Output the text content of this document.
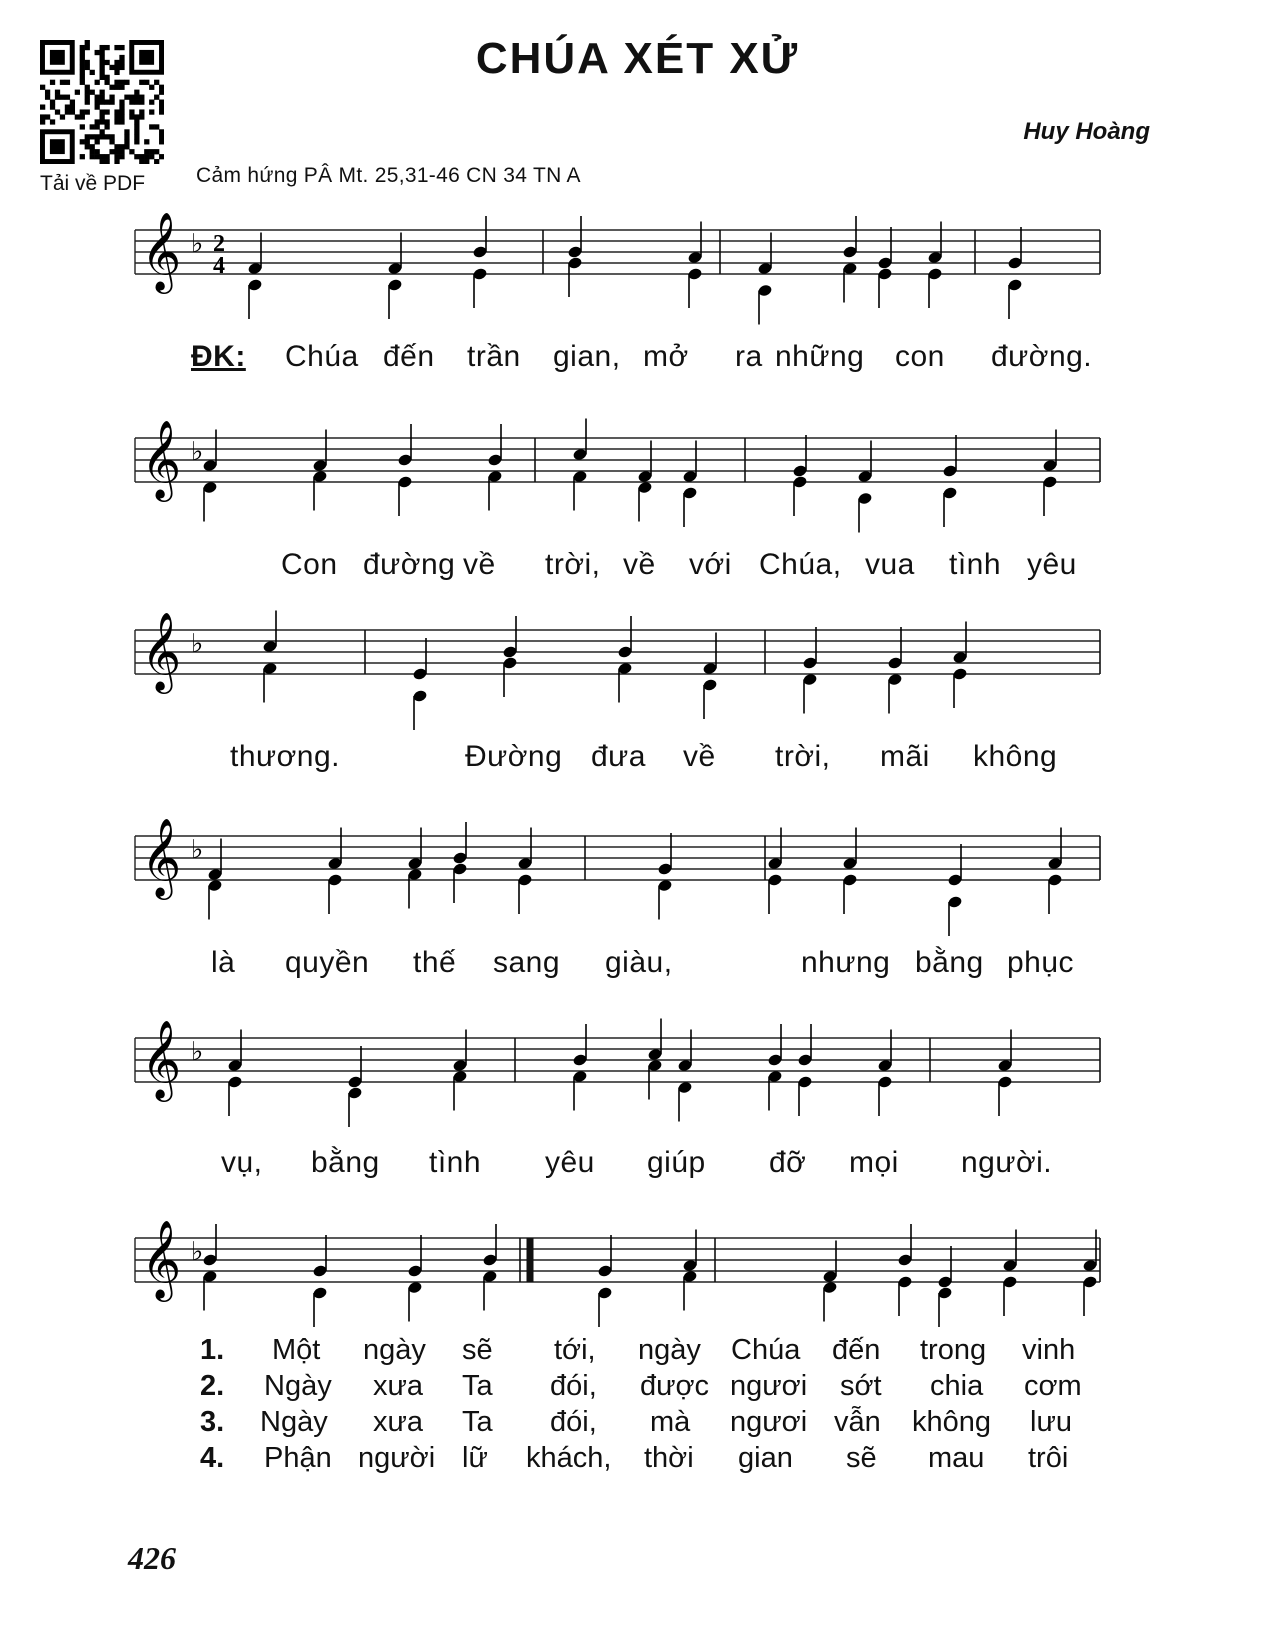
Tải về PDF
CHÚA XÉT XỬ
Huy Hoàng
Cảm hứng PÂ Mt. 25,31-46 CN 34 TN A
𝄞 ♭ 2
4
𝄞 ♭
𝄞 ♭
𝄞 ♭
𝄞 ♭
𝄞 ♭
ĐK: Chúa đến trần gian, mở ra những con đường.
Con đường về trời, về với Chúa, vua tình yêu
thương.	Đường đưa về trời, mãi không
là quyền thế sang giàu,	nhưng bằng phục
vụ, bằng tình yêu giúp đỡ mọi người.
1. Một ngày sẽ tới, ngày Chúa đến trong vinh
2. Ngày xưa Ta đói, được ngươi sớt chia cơm
3. Ngày xưa Ta đói, mà ngươi vẫn không lưu
4. Phận người lữ khách, thời gian sẽ mau trôi
426
